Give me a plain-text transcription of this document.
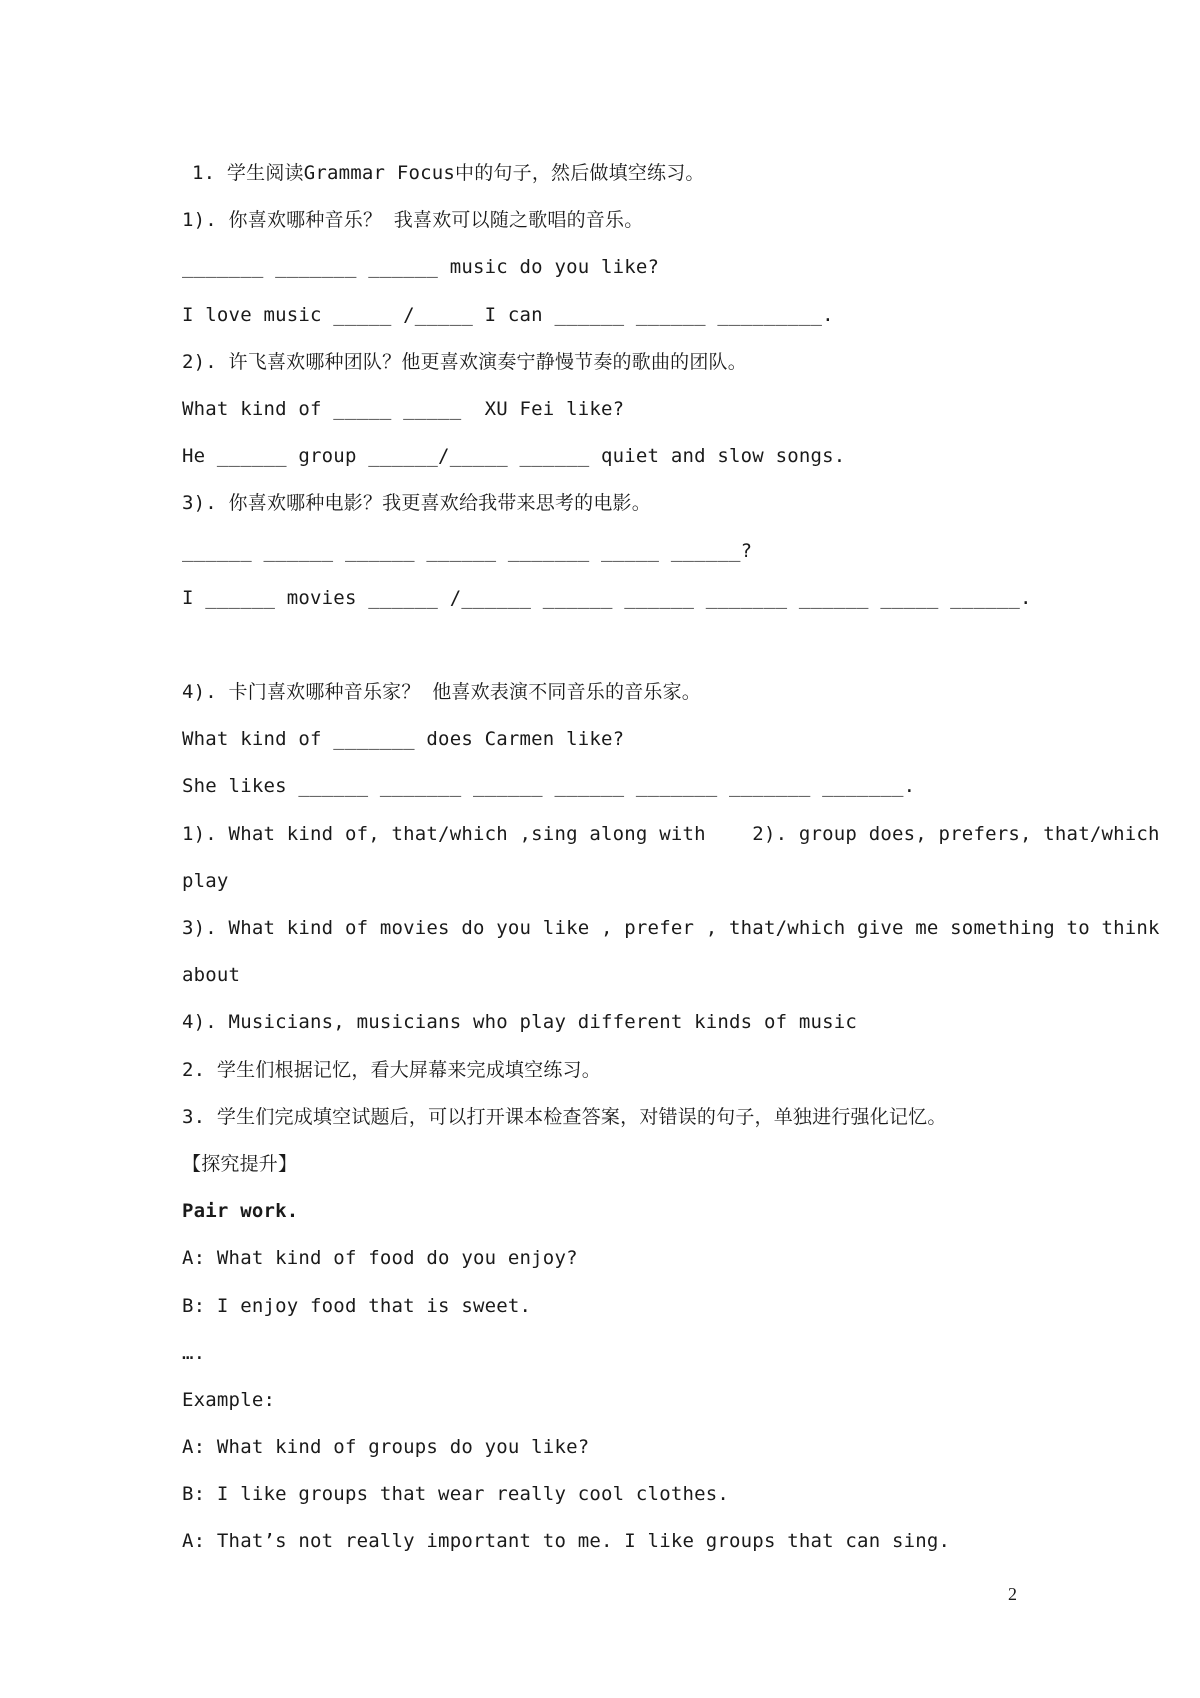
1. 学生阅读Grammar Focus中的句子，然后做填空练习。
1). 你喜欢哪种音乐？ 我喜欢可以随之歌唱的音乐。
_______ _______ ______ music do you like?
I love music _____ /_____ I can ______ ______ _________.
2). 许飞喜欢哪种团队？他更喜欢演奏宁静慢节奏的歌曲的团队。
What kind of _____ _____  XU Fei like?
He ______ group ______/_____ ______ quiet and slow songs.
3). 你喜欢哪种电影？我更喜欢给我带来思考的电影。
______ ______ ______ ______ _______ _____ ______?
I ______ movies ______ /______ ______ ______ _______ ______ _____ ______.
4). 卡门喜欢哪种音乐家？ 他喜欢表演不同音乐的音乐家。
What kind of _______ does Carmen like?
She likes ______ _______ ______ ______ _______ _______ _______.
1). What kind of, that/which ,sing along with    2). group does, prefers, that/which
play
3). What kind of movies do you like , prefer , that/which give me something to think
about
4). Musicians, musicians who play different kinds of music
2. 学生们根据记忆，看大屏幕来完成填空练习。
3. 学生们完成填空试题后，可以打开课本检查答案，对错误的句子，单独进行强化记忆。
【探究提升】
Pair work.
A: What kind of food do you enjoy?
B: I enjoy food that is sweet.
….
Example:
A: What kind of groups do you like?
B: I like groups that wear really cool clothes.
A: That’s not really important to me. I like groups that can sing.
2
